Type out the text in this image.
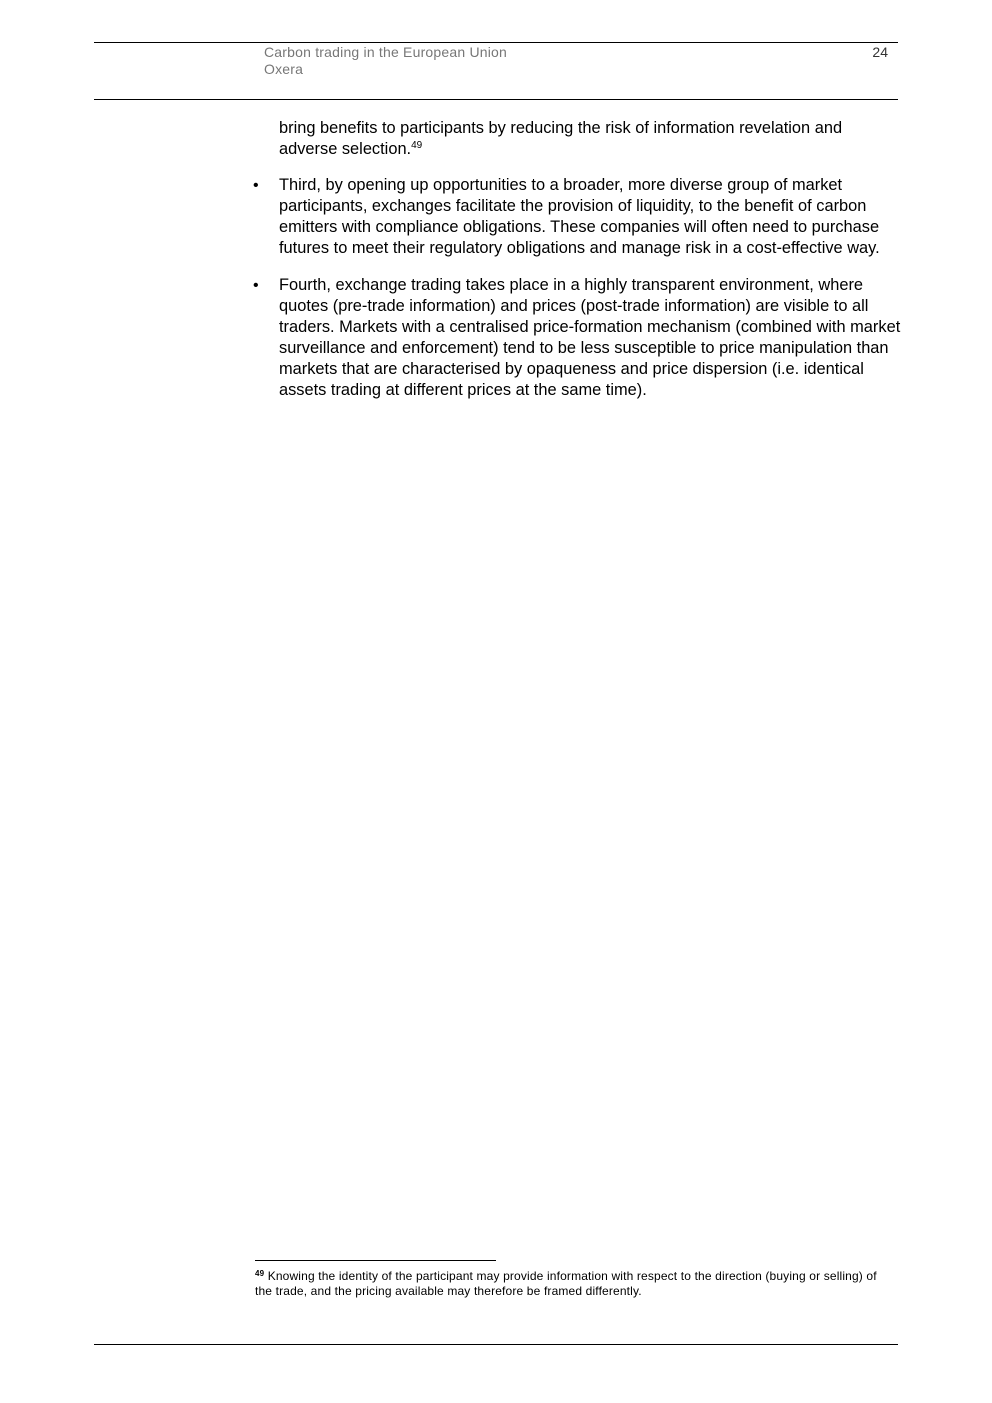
Carbon trading in the European Union
Oxera
24

bring benefits to participants by reducing the risk of information revelation and adverse selection.$^{49}$

• Third, by opening up opportunities to a broader, more diverse group of market participants, exchanges facilitate the provision of liquidity, to the benefit of carbon emitters with compliance obligations. These companies will often need to purchase futures to meet their regulatory obligations and manage risk in a cost-effective way.
• Fourth, exchange trading takes place in a highly transparent environment, where quotes (pre-trade information) and prices (post-trade information) are visible to all traders. Markets with a centralised price-formation mechanism (combined with market surveillance and enforcement) tend to be less susceptible to price manipulation than markets that are characterised by opaqueness and price dispersion (i.e. identical assets trading at different prices at the same time).

$^{49}$ Knowing the identity of the participant may provide information with respect to the direction (buying or selling) of the trade, and the pricing available may therefore be framed differently.
